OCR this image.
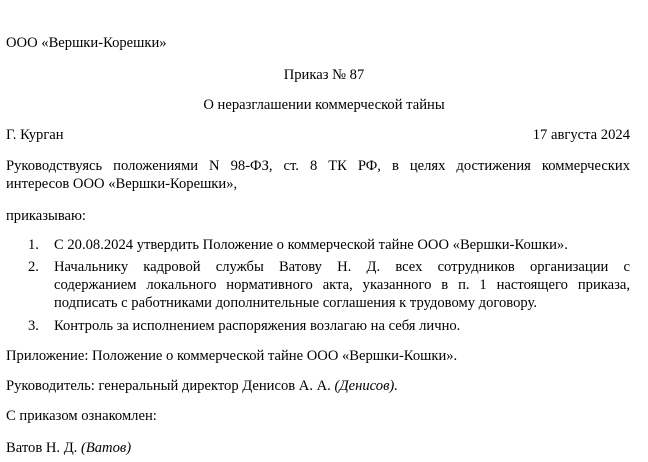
ООО «Вершки-Корешки»
Приказ № 87
О неразглашении коммерческой тайны
Г. Курган	17 августа 2024
Руководствуясь положениями N 98-ФЗ, ст. 8 ТК РФ, в целях достижения коммерческих
интересов ООО «Вершки-Корешки»,
приказываю:
1.	С 20.08.2024 утвердить Положение о коммерческой тайне ООО «Вершки-Кошки».
2.	Начальнику кадровой службы Ватову Н. Д. всех сотрудников организации с
содержанием локального нормативного акта, указанного в п. 1 настоящего приказа,
подписать с работниками дополнительные соглашения к трудовому договору.
3.	Контроль за исполнением распоряжения возлагаю на себя лично.
Приложение: Положение о коммерческой тайне ООО «Вершки-Кошки».
Руководитель: генеральный директор Денисов А. А. (Денисов).
С приказом ознакомлен:
Ватов Н. Д. (Ватов)
